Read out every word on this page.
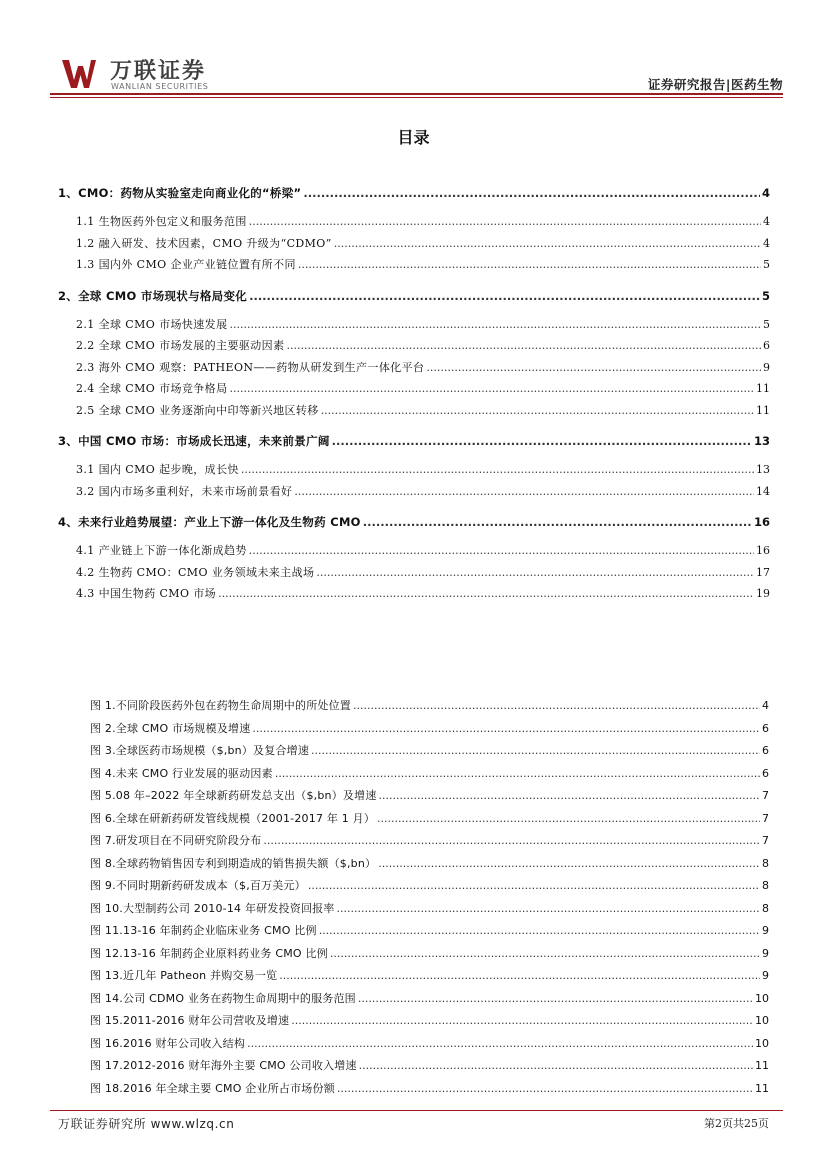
万联证券
WANLIAN SECURITIES	证券研究报告|医药生物
目录
1、CMO：药物从实验室走向商业化的“桥梁” .....	4
1.1 生物医药外包定义和服务范围 .....	4
1.2 融入研发、技术因素，CMO 升级为“CDMO” .....	4
1.3 国内外 CMO 企业产业链位置有所不同 .....	5
2、全球 CMO 市场现状与格局变化 .....	5
2.1 全球 CMO 市场快速发展 .....	5
2.2 全球 CMO 市场发展的主要驱动因素 .....	6
2.3 海外 CMO 观察：PATHEON——药物从研发到生产一体化平台 .....	9
2.4 全球 CMO 市场竞争格局 .....	11
2.5 全球 CMO 业务逐渐向中印等新兴地区转移 .....	11
3、中国 CMO 市场：市场成长迅速，未来前景广阔 .....	13
3.1 国内 CMO 起步晚，成长快 .....	13
3.2 国内市场多重利好，未来市场前景看好 .....	14
4、未来行业趋势展望：产业上下游一体化及生物药 CMO .....	16
4.1 产业链上下游一体化渐成趋势 .....	16
4.2 生物药 CMO：CMO 业务领域未来主战场 .....	17
4.3 中国生物药 CMO 市场 .....	19
图 1.不同阶段医药外包在药物生命周期中的所处位置 .....	4
图 2.全球 CMO 市场规模及增速 .....	6
图 3.全球医药市场规模（$,bn）及复合增速 .....	6
图 4.未来 CMO 行业发展的驱动因素 .....	6
图 5.08 年–2022 年全球新药研发总支出（$,bn）及增速 .....	7
图 6.全球在研新药研发管线规模（2001-2017 年 1 月） .....	7
图 7.研发项目在不同研究阶段分布 .....	7
图 8.全球药物销售因专利到期造成的销售损失额（$,bn） .....	8
图 9.不同时期新药研发成本（$,百万美元） .....	8
图 10.大型制药公司 2010-14 年研发投资回报率 .....	8
图 11.13-16 年制药企业临床业务 CMO 比例 .....	9
图 12.13-16 年制药企业原料药业务 CMO 比例 .....	9
图 13.近几年 Patheon 并购交易一览 .....	9
图 14.公司 CDMO 业务在药物生命周期中的服务范围 .....	10
图 15.2011-2016 财年公司营收及增速 .....	10
图 16.2016 财年公司收入结构 .....	10
图 17.2012-2016 财年海外主要 CMO 公司收入增速 .....	11
图 18.2016 年全球主要 CMO 企业所占市场份额 .....	11
万联证券研究所 www.wlzq.cn	第2页共25页
